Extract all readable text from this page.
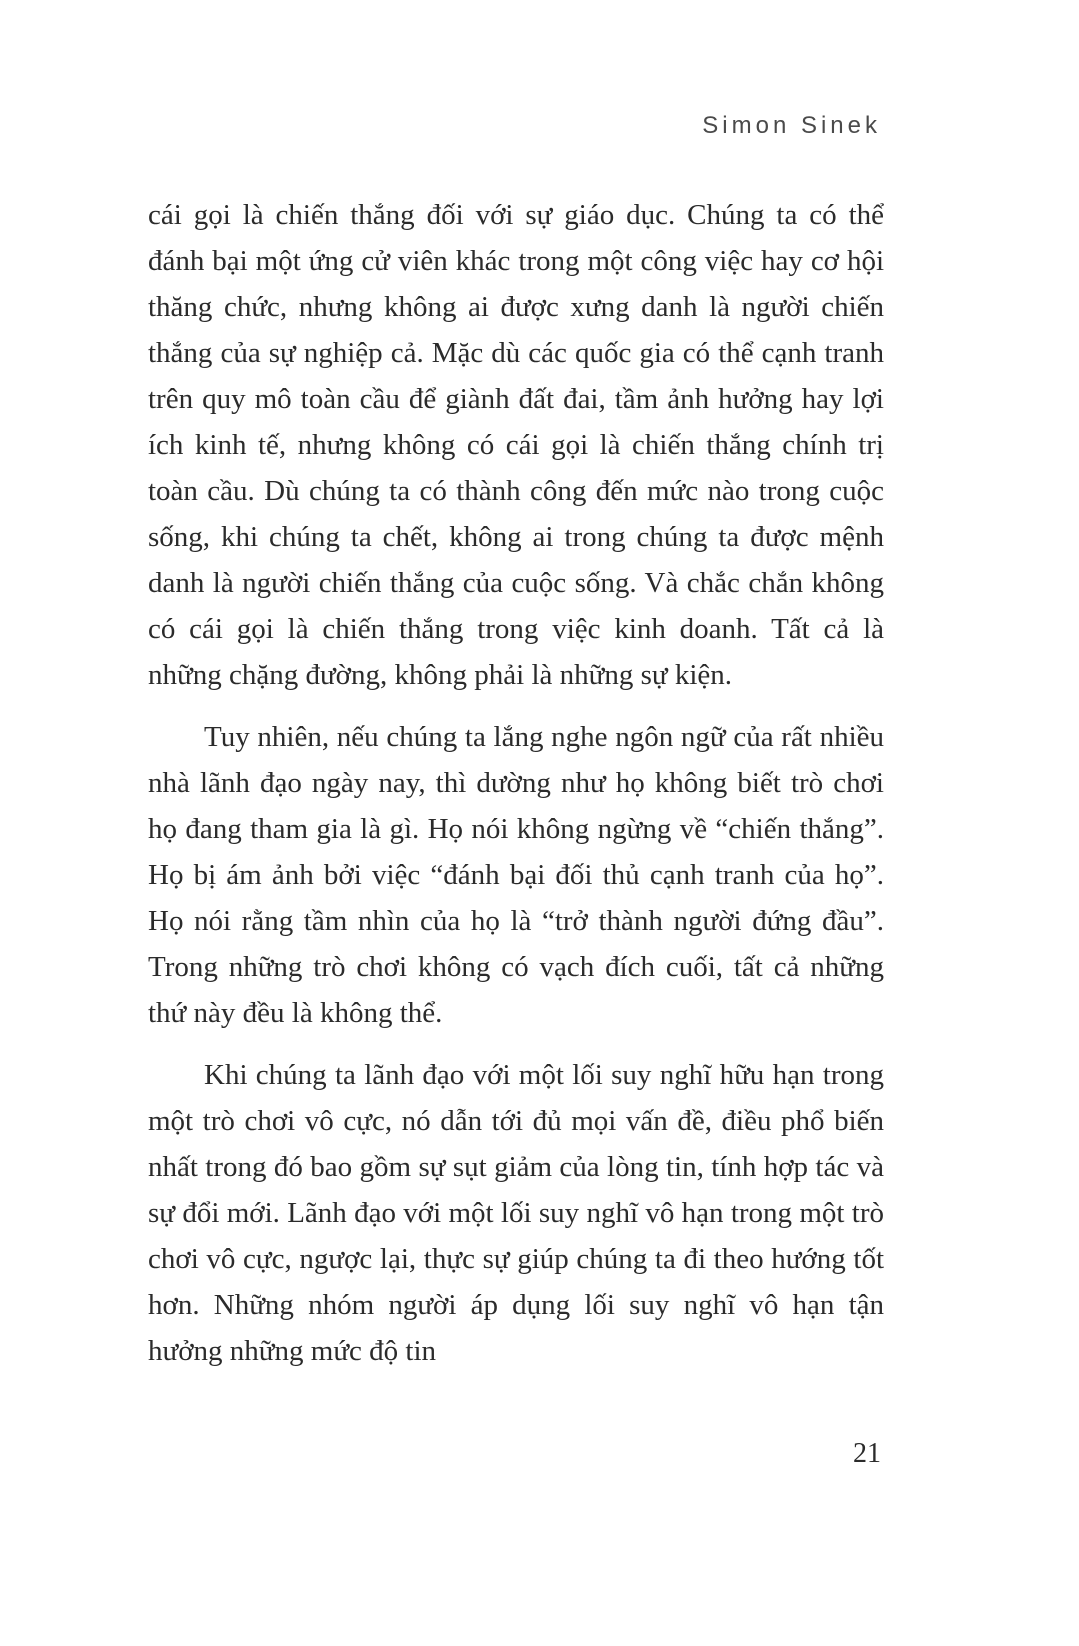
Simon Sinek

cái gọi là chiến thắng đối với sự giáo dục. Chúng ta có thể đánh bại một ứng cử viên khác trong một công việc hay cơ hội thăng chức, nhưng không ai được xưng danh là người chiến thắng của sự nghiệp cả. Mặc dù các quốc gia có thể cạnh tranh trên quy mô toàn cầu để giành đất đai, tầm ảnh hưởng hay lợi ích kinh tế, nhưng không có cái gọi là chiến thắng chính trị toàn cầu. Dù chúng ta có thành công đến mức nào trong cuộc sống, khi chúng ta chết, không ai trong chúng ta được mệnh danh là người chiến thắng của cuộc sống. Và chắc chắn không có cái gọi là chiến thắng trong việc kinh doanh. Tất cả là những chặng đường, không phải là những sự kiện.

Tuy nhiên, nếu chúng ta lắng nghe ngôn ngữ của rất nhiều nhà lãnh đạo ngày nay, thì dường như họ không biết trò chơi họ đang tham gia là gì. Họ nói không ngừng về “chiến thắng”. Họ bị ám ảnh bởi việc “đánh bại đối thủ cạnh tranh của họ”. Họ nói rằng tầm nhìn của họ là “trở thành người đứng đầu”. Trong những trò chơi không có vạch đích cuối, tất cả những thứ này đều là không thể.

Khi chúng ta lãnh đạo với một lối suy nghĩ hữu hạn trong một trò chơi vô cực, nó dẫn tới đủ mọi vấn đề, điều phổ biến nhất trong đó bao gồm sự sụt giảm của lòng tin, tính hợp tác và sự đổi mới. Lãnh đạo với một lối suy nghĩ vô hạn trong một trò chơi vô cực, ngược lại, thực sự giúp chúng ta đi theo hướng tốt hơn. Những nhóm người áp dụng lối suy nghĩ vô hạn tận hưởng những mức độ tin

21
